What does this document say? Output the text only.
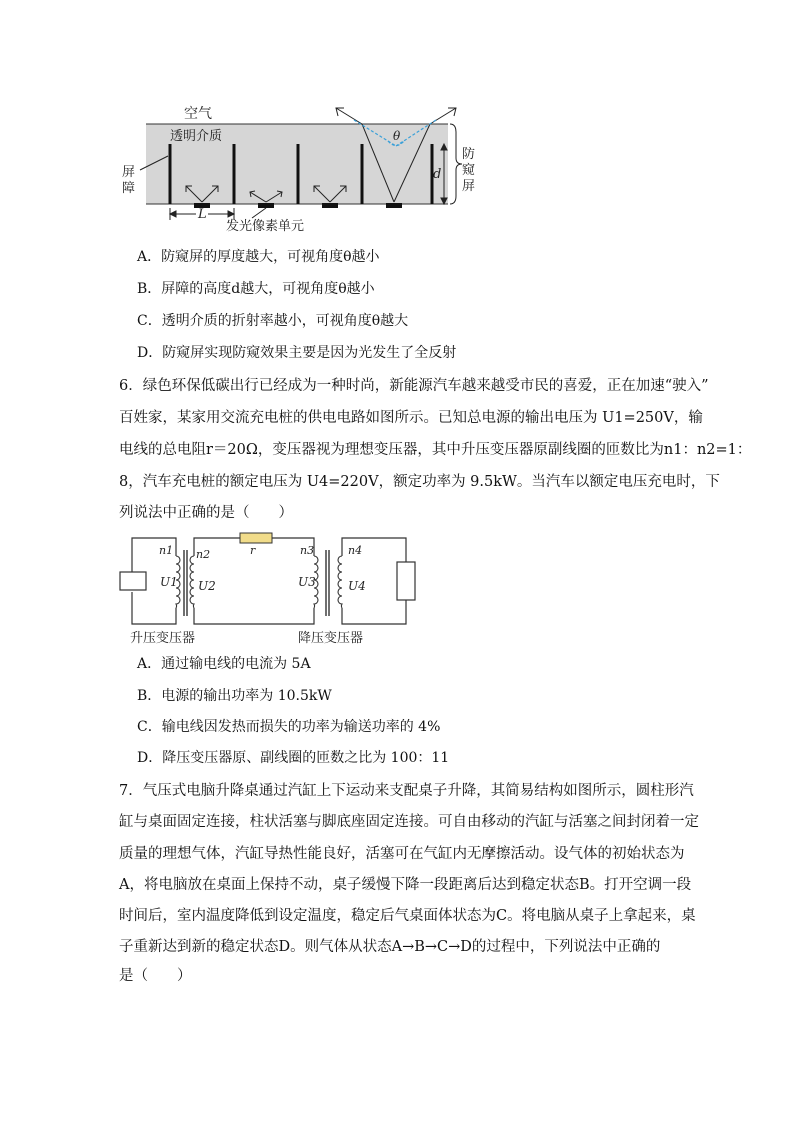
空气
透明介质
屏
障
防
窥
屏
θ
d
L
发光像素单元
A．防窥屏的厚度越大，可视角度θ越小
B．屏障的高度d越大，可视角度θ越小
C．透明介质的折射率越小，可视角度θ越大
D．防窥屏实现防窥效果主要是因为光发生了全反射
6．绿色环保低碳出行已经成为一种时尚，新能源汽车越来越受市民的喜爱，正在加速“驶入”
百姓家，某家用交流充电桩的供电电路如图所示。已知总电源的输出电压为 U1=250V，输
电线的总电阻r＝20Ω，变压器视为理想变压器，其中升压变压器原副线圈的匝数比为n1：n2=1：
8，汽车充电桩的额定电压为 U4=220V，额定功率为 9.5kW。当汽车以额定电压充电时，下
列说法中正确的是（　　）
r
n1 n2
U1 U2
n3	n4
U3	U4
升压变压器	降压变压器
A．通过输电线的电流为 5A
B．电源的输出功率为 10.5kW
C．输电线因发热而损失的功率为输送功率的 4%
D．降压变压器原、副线圈的匝数之比为 100：11
7．气压式电脑升降桌通过汽缸上下运动来支配桌子升降，其简易结构如图所示，圆柱形汽
缸与桌面固定连接，柱状活塞与脚底座固定连接。可自由移动的汽缸与活塞之间封闭着一定
质量的理想气体，汽缸导热性能良好，活塞可在气缸内无摩擦活动。设气体的初始状态为
A，将电脑放在桌面上保持不动，桌子缓慢下降一段距离后达到稳定状态B。打开空调一段
时间后，室内温度降低到设定温度，稳定后气桌面体状态为C。将电脑从桌子上拿起来，桌
子重新达到新的稳定状态D。则气体从状态A→B→C→D的过程中，下列说法中正确的
是（　　）
